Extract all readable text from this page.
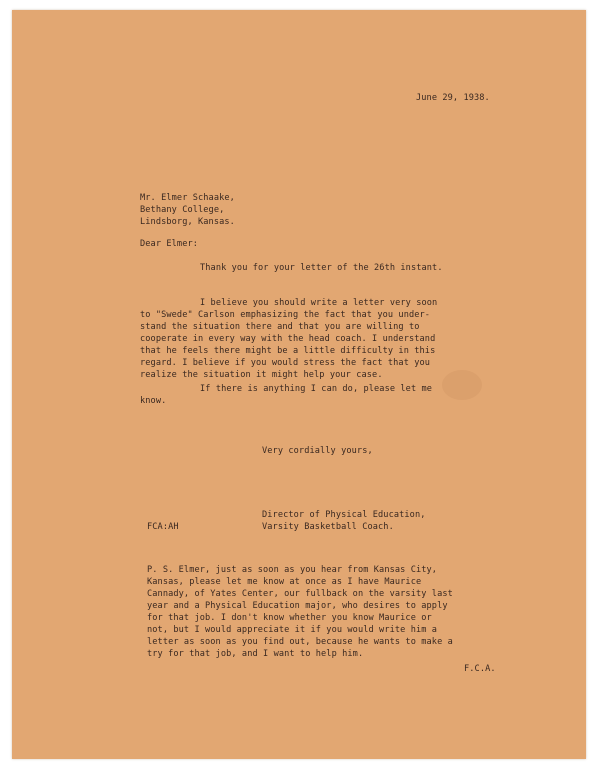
June 29, 1938.
Mr. Elmer Schaake,
Bethany College,
Lindsborg, Kansas.
Dear Elmer:
Thank you for your letter of the 26th instant.
I believe you should write a letter very soon
to "Swede" Carlson emphasizing the fact that you under-
stand the situation there and that you are willing to
cooperate in every way with the head coach. I understand
that he feels there might be a little difficulty in this
regard. I believe if you would stress the fact that you
realize the situation it might help your case.
If there is anything I can do, please let me
know.
Very cordially yours,
Director of Physical Education,
Varsity Basketball Coach.
FCA:AH
P. S. Elmer, just as soon as you hear from Kansas City,
Kansas, please let me know at once as I have Maurice
Cannady, of Yates Center, our fullback on the varsity last
year and a Physical Education major, who desires to apply
for that job. I don't know whether you know Maurice or
not, but I would appreciate it if you would write him a
letter as soon as you find out, because he wants to make a
try for that job, and I want to help him.
F.C.A.
